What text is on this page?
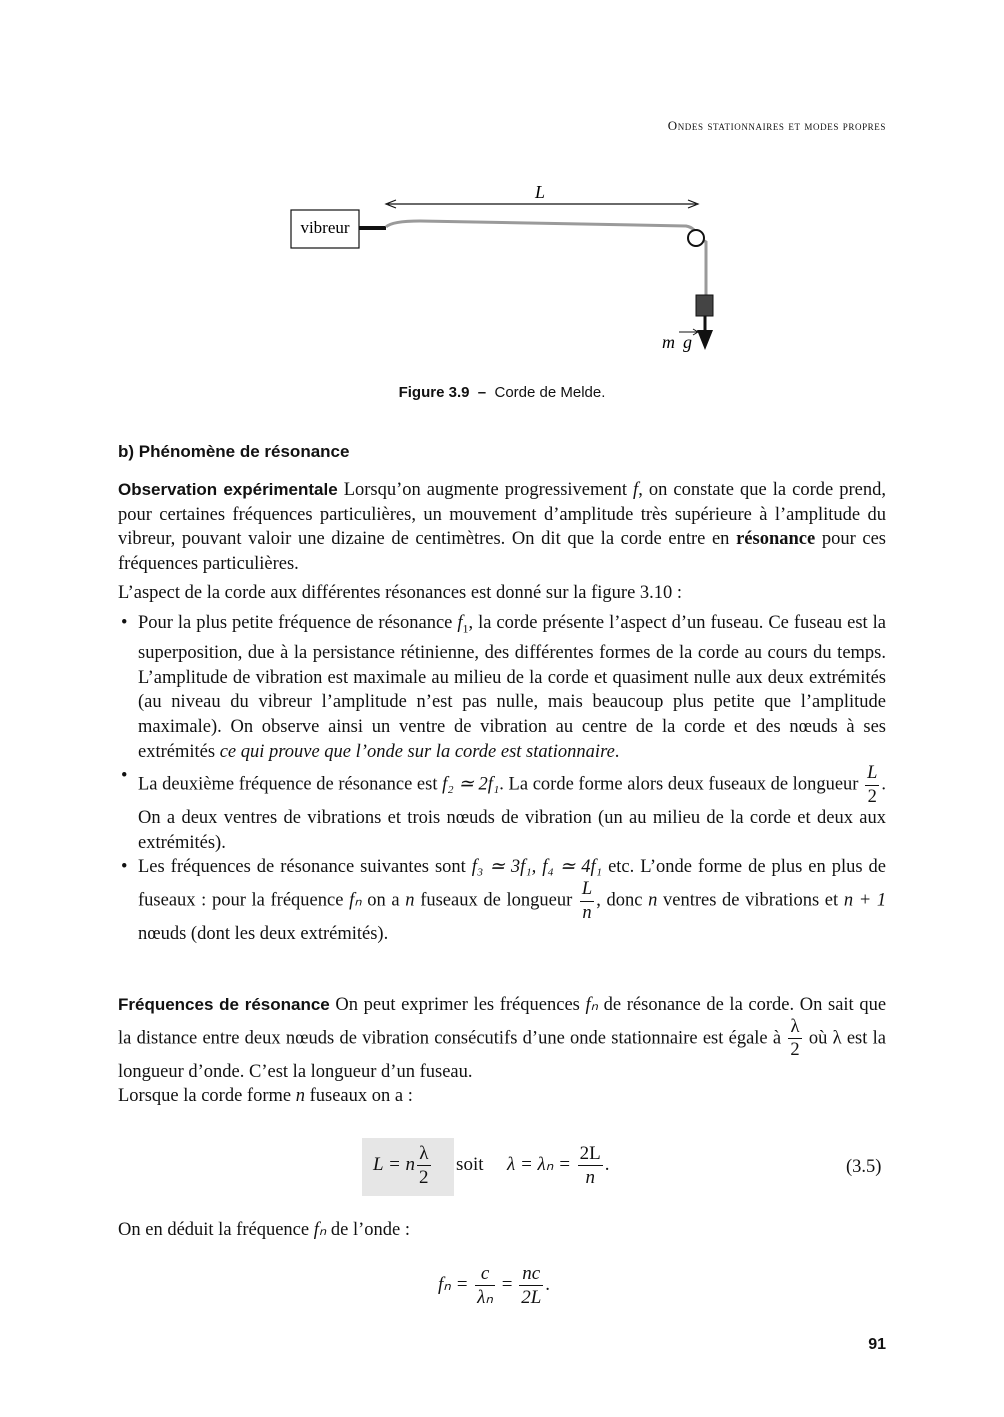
Ondes stationnaires et modes propres
vibreur
L
m g
Figure 3.9 – Corde de Melde.
b) Phénomène de résonance

Observation expérimentale Lorsqu’on augmente progressivement f, on constate que la corde prend, pour certaines fréquences particulières, un mouvement d’amplitude très supérieure à l’amplitude du vibreur, pouvant valoir une dizaine de centimètres. On dit que la corde entre en résonance pour ces fréquences particulières.

L’aspect de la corde aux différentes résonances est donné sur la figure 3.10 :

• Pour la plus petite fréquence de résonance $f_1$, la corde présente l’aspect d’un fuseau. Ce fuseau est la superposition, due à la persistance rétinienne, des différentes formes de la corde au cours du temps. L’amplitude de vibration est maximale au milieu de la corde et quasiment nulle aux deux extrémités (au niveau du vibreur l’amplitude n’est pas nulle, mais beaucoup plus petite que l’amplitude maximale). On observe ainsi un ventre de vibration au centre de la corde et des nœuds à ses extrémités ce qui prouve que l’onde sur la corde est stationnaire.
• La deuxième fréquence de résonance est f₂ ≃ 2f₁. La corde forme alors deux fuseaux de longueur $\frac{L}{2}$ . On a deux ventres de vibrations et trois nœuds de vibration (un au milieu de la corde et deux aux extrémités).
• Les fréquences de résonance suivantes sont f₃ ≃ 3f₁, f₄ ≃ 4f₁ etc. L’onde forme de plus en plus de fuseaux : pour la fréquence fₙ on a n fuseaux de longueur $\frac{L}{n}$ , donc n ventres de vibrations et n + 1 nœuds (dont les deux extrémités).

Fréquences de résonance On peut exprimer les fréquences fₙ de résonance de la corde. On sait que la distance entre deux nœuds de vibration consécutifs d’une onde stationnaire est égale à $\frac{\lambda}{2}$ où λ est la longueur d’onde. C’est la longueur d’un fuseau.

Lorsque la corde forme n fuseaux on a :

L = n $\frac{\lambda}{2}$ soit $\lambda = \lambda_n = \frac{2L}{n}$ .	(3.5)
On en déduit la fréquence fₙ de l’onde :
$f_n = \frac{c}{\text{λₙ}} = \frac{nc}{2L}$ .
91
